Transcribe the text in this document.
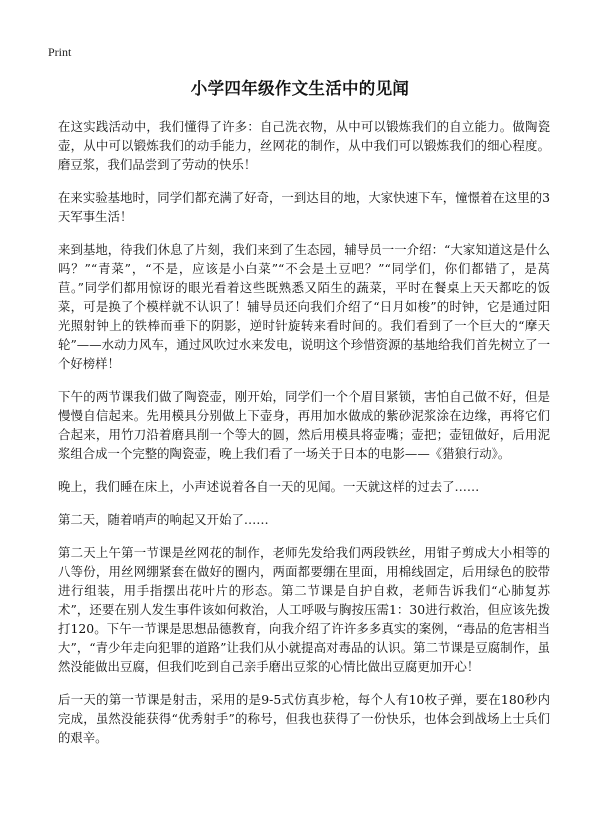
Print
小学四年级作文生活中的见闻

在这实践活动中，我们懂得了许多：自己洗衣物，从中可以锻炼我们的自立能力。做陶瓷壶，从中可以锻炼我们的动手能力，丝网花的制作，从中我们可以锻炼我们的细心程度。磨豆浆，我们品尝到了劳动的快乐！

在来实验基地时，同学们都充满了好奇，一到达目的地，大家快速下车，憧憬着在这里的3天军事生活！

来到基地，待我们休息了片刻，我们来到了生态园，辅导员一一介绍：“大家知道这是什么吗？”“青菜”，“不是，应该是小白菜”“不会是土豆吧？”“同学们，你们都错了，是莴苣。”同学们都用惊讶的眼光看着这些既熟悉又陌生的蔬菜，平时在餐桌上天天都吃的饭菜，可是换了个模样就不认识了！辅导员还向我们介绍了“日月如梭”的时钟，它是通过阳光照射钟上的铁棒而垂下的阴影，逆时针旋转来看时间的。我们看到了一个巨大的“摩天轮”——水动力风车，通过风吹过水来发电，说明这个珍惜资源的基地给我们首先树立了一个好榜样！

下午的两节课我们做了陶瓷壶，刚开始，同学们一个个眉目紧锁，害怕自己做不好，但是慢慢自信起来。先用模具分别做上下壶身，再用加水做成的紫砂泥浆涂在边缘，再将它们合起来，用竹刀沿着磨具削一个等大的圆，然后用模具将壶嘴；壶把；壶钮做好，后用泥浆组合成一个完整的陶瓷壶，晚上我们看了一场关于日本的电影——《猎狼行动》。

晚上，我们睡在床上，小声述说着各自一天的见闻。一天就这样的过去了……

第二天，随着哨声的响起又开始了……

第二天上午第一节课是丝网花的制作，老师先发给我们两段铁丝，用钳子剪成大小相等的八等份，用丝网绷紧套在做好的圈内，两面都要绷在里面，用棉线固定，后用绿色的胶带进行组装，用手指摆出花叶片的形态。第二节课是自护自救，老师告诉我们“心肺复苏术”，还要在别人发生事件该如何救治，人工呼吸与胸按压需1：30进行救治，但应该先拨打120。下午一节课是思想品德教育，向我介绍了许许多多真实的案例，“毒品的危害相当大”，“青少年走向犯罪的道路”让我们从小就提高对毒品的认识。第二节课是豆腐制作，虽然没能做出豆腐，但我们吃到自己亲手磨出豆浆的心情比做出豆腐更加开心！

后一天的第一节课是射击，采用的是9-5式仿真步枪，每个人有10枚子弹，要在180秒内完成，虽然没能获得“优秀射手”的称号，但我也获得了一份快乐，也体会到战场上士兵们的艰辛。
